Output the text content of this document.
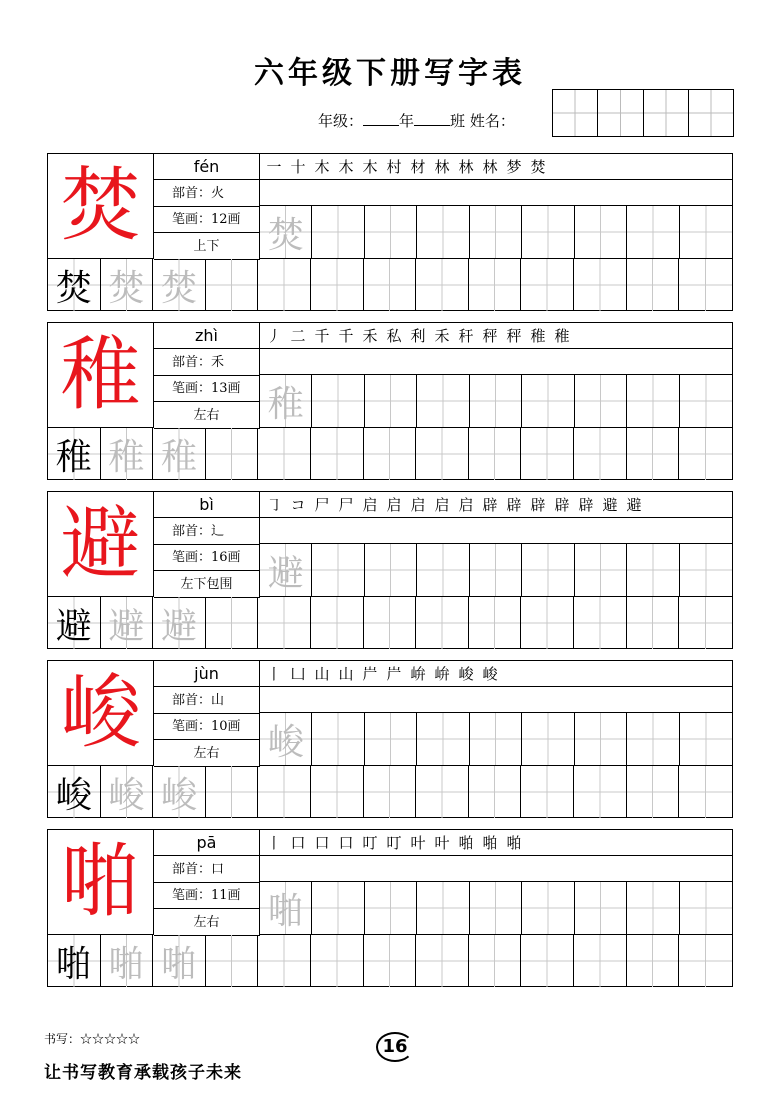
六年级下册写字表
年级： 年 班 姓名：
焚	fén
部首：火
笔画：12画
上下
一 十 木 木 木 村 材 林 林 林 梦 焚
焚
焚 焚 焚
稚	zhì
部首：禾
笔画：13画
左右
丿 二 千 千 禾 私 利 禾 秆 秤 秤 稚 稚
稚
稚 稚 稚
避	bì
部首：辶
笔画：16画
左下包围
㇆ コ 尸 尸 启 启 启 启 启 辟 辟 辟 辟 辟 避 避
避
避 避 避
峻	jùn
部首：山
笔画：10画
左右
丨 凵 山 山 屵 屵 峅 峅 峻 峻
峻
峻 峻 峻
啪	pā
部首：口
笔画：11画
左右
丨 口 口 口 叮 叮 叶 叶 啪 啪 啪
啪
啪 啪 啪
书写：☆☆☆☆☆	16
让书写教育承载孩子未来
